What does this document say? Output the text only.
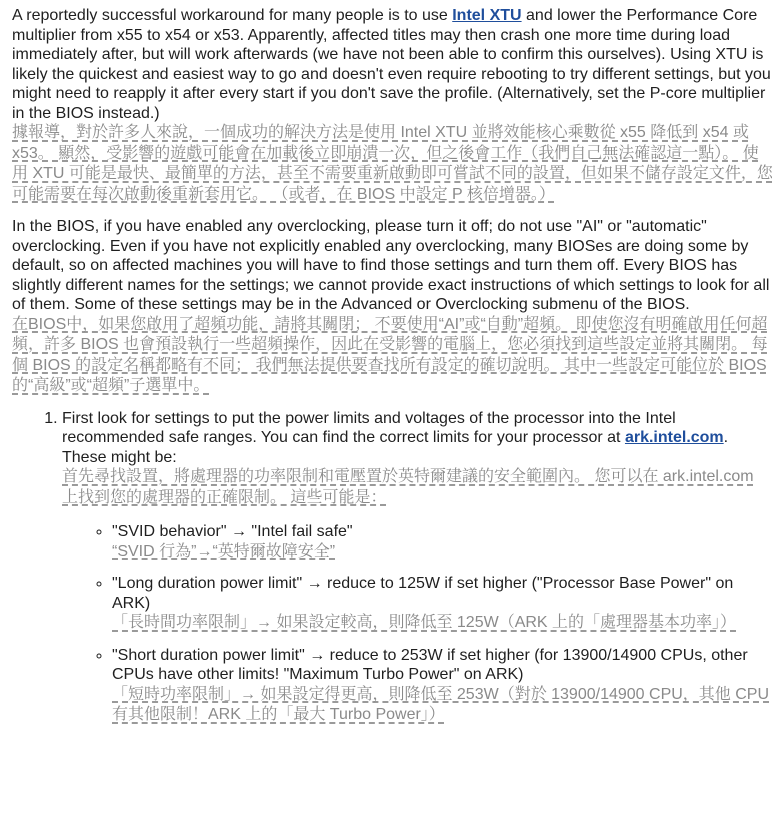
A reportedly successful workaround for many people is to use Intel XTU and lower the Performance Core multiplier from x55 to x54 or x53. Apparently, affected titles may then crash one more time during load immediately after, but will work afterwards (we have not been able to confirm this ourselves). Using XTU is likely the quickest and easiest way to go and doesn't even require rebooting to try different settings, but you might need to reapply it after every start if you don't save the profile. (Alternatively, set the P-core multiplier in the BIOS instead.)

據報導，對於許多人來說，一個成功的解決方法是使用 Intel XTU 並將效能核心乘數從 x55 降低到 x54 或 x53。 顯然，受影響的遊戲可能會在加載後立即崩潰一次，但之後會工作（我們自己無法確認這一點）。 使用 XTU 可能是最快、最簡單的方法，甚至不需要重新啟動即可嘗試不同的設置，但如果不儲存設定文件，您可能需要在每次啟動後重新套用它。 （或者，在 BIOS 中設定 P 核倍增器。）

In the BIOS, if you have enabled any overclocking, please turn it off; do not use "AI" or "automatic" overclocking. Even if you have not explicitly enabled any overclocking, many BIOSes are doing some by default, so on affected machines you will have to find those settings and turn them off. Every BIOS has slightly different names for the settings; we cannot provide exact instructions of which settings to look for all of them. Some of these settings may be in the Advanced or Overclocking submenu of the BIOS.

在BIOS中，如果您啟用了超頻功能，請將其關閉； 不要使用“AI”或“自動”超頻。 即使您沒有明確啟用任何超頻，許多 BIOS 也會預設執行一些超頻操作，因此在受影響的電腦上，您必須找到這些設定並將其關閉。 每個 BIOS 的設定名稱都略有不同； 我們無法提供要查找所有設定的確切說明。 其中一些設定可能位於 BIOS 的“高級”或“超頻”子選單中。

1. First look for settings to put the power limits and voltages of the processor into the Intel recommended safe ranges. You can find the correct limits for your processor at ark.intel.com. These might be:

首先尋找設置，將處理器的功率限制和電壓置於英特爾建議的安全範圍內。 您可以在 ark.intel.com 上找到您的處理器的正確限制。 這些可能是：

◦ "SVID behavior" → "Intel fail safe"

“SVID 行為”→“英特爾故障安全”

◦ "Long duration power limit" → reduce to 125W if set higher ("Processor Base Power" on ARK)

「長時間功率限制」→ 如果設定較高，則降低至 125W（ARK 上的「處理器基本功率」）

◦ "Short duration power limit" → reduce to 253W if set higher (for 13900/14900 CPUs, other CPUs have other limits! "Maximum Turbo Power" on ARK)

「短時功率限制」→ 如果設定得更高，則降低至 253W（對於 13900/14900 CPU，其他 CPU 有其他限制！ARK 上的「最大 Turbo Power」）
